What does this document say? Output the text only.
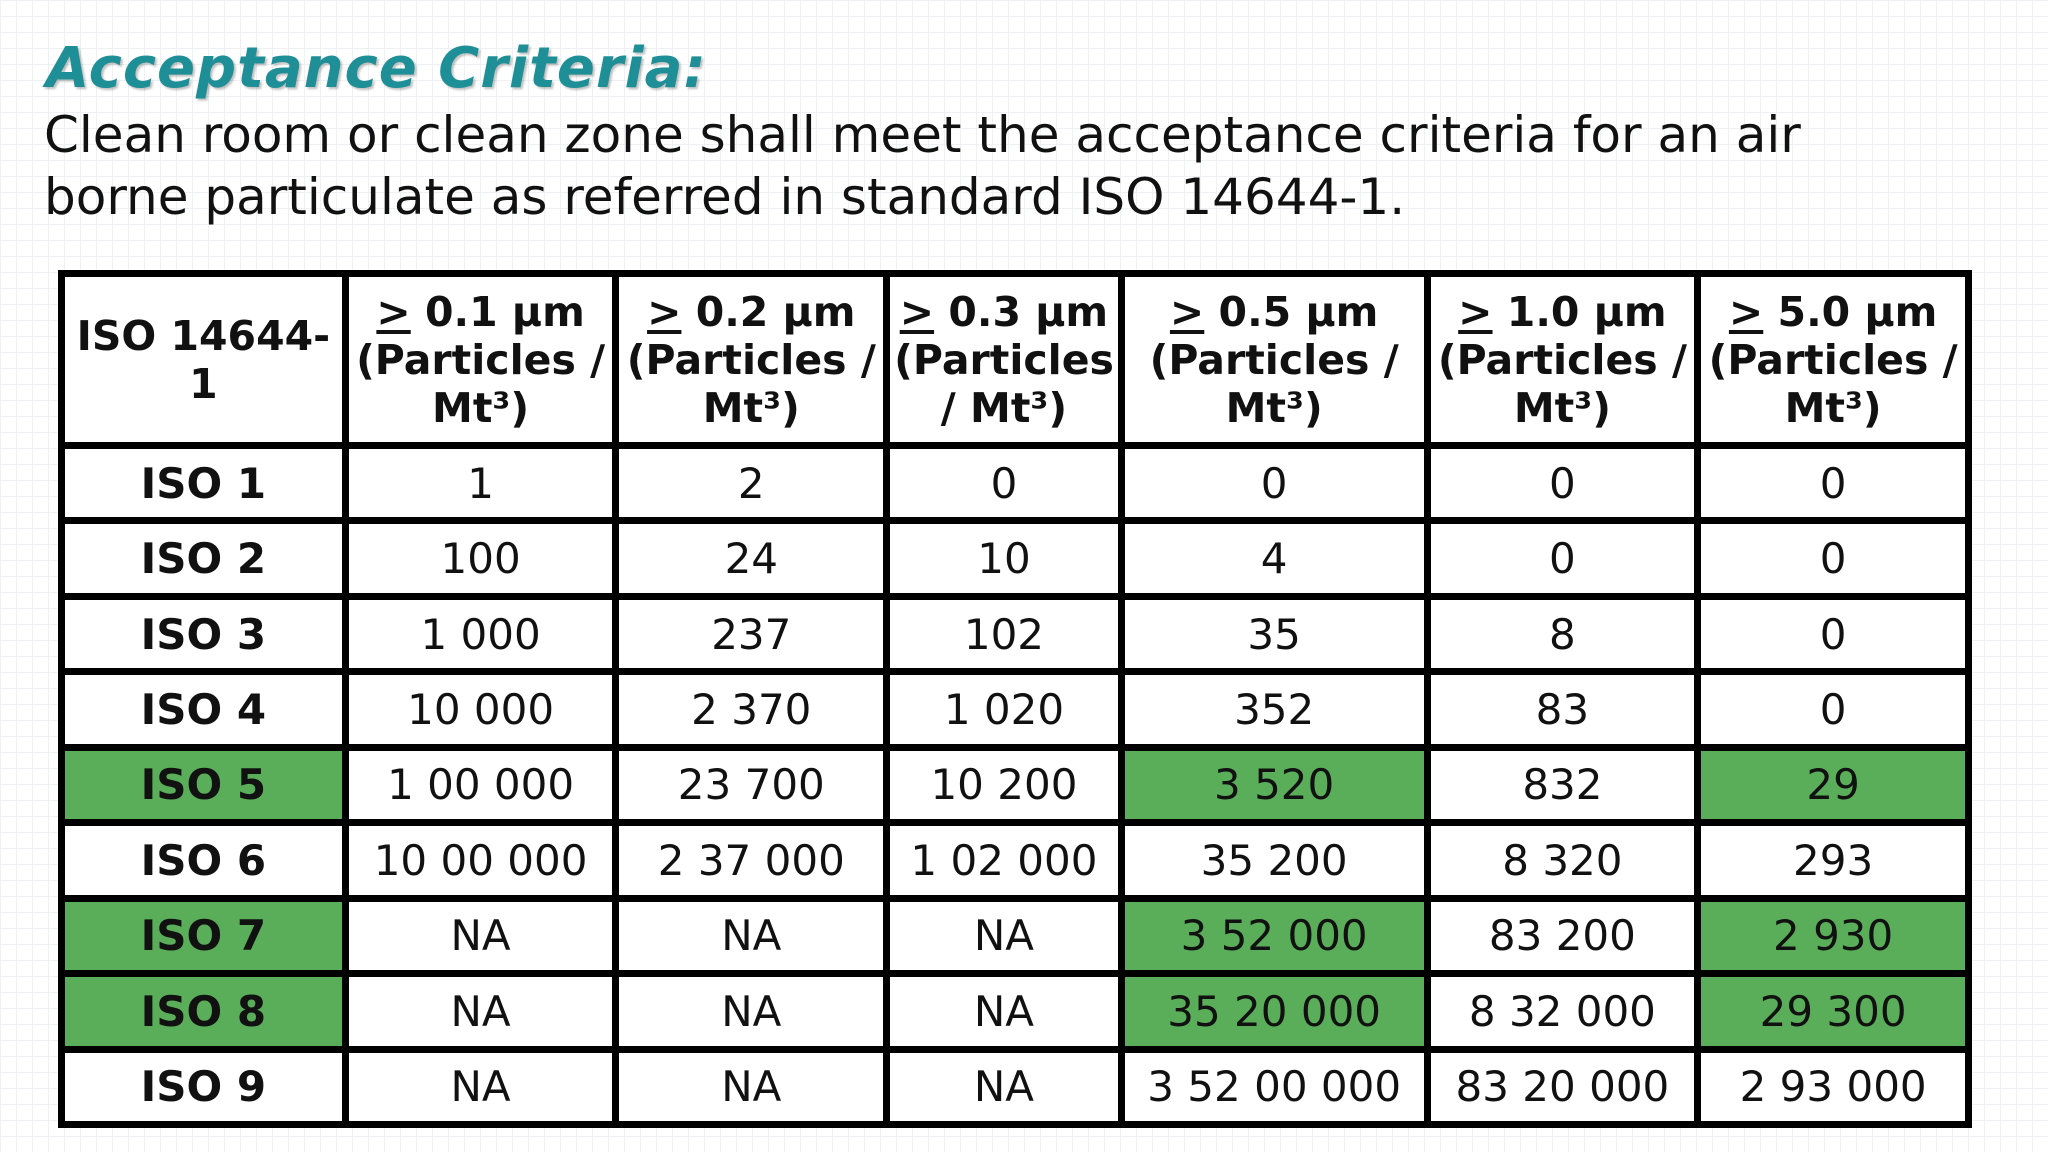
Acceptance Criteria:

Clean room or clean zone shall meet the acceptance criteria for an air borne particulate as referred in standard ISO 14644-1.

ISO 14644-1	≥ 0.1 µm (Particles / Mt³)	≥ 0.2 µm (Particles / Mt³)	≥ 0.3 µm (Particles / Mt³)	≥ 0.5 µm (Particles / Mt³)	≥ 1.0 µm (Particles / Mt³)	≥ 5.0 µm (Particles / Mt³)
ISO 1	1	2	0	0	0	0
ISO 2	100	24	10	4	0	0
ISO 3	1 000	237	102	35	8	0
ISO 4	10 000	2 370	1 020	352	83	0
ISO 5	1 00 000	23 700	10 200	3 520	832	29
ISO 6	10 00 000	2 37 000	1 02 000	35 200	8 320	293
ISO 7	NA	NA	NA	3 52 000	83 200	2 930
ISO 8	NA	NA	NA	35 20 000	8 32 000	29 300
ISO 9	NA	NA	NA	3 52 00 000	83 20 000	2 93 000
